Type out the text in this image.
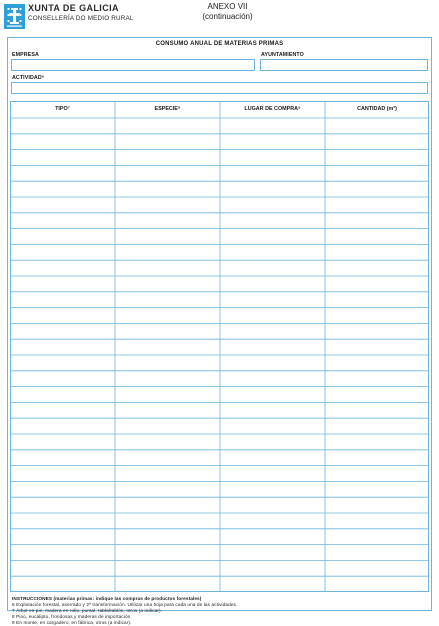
XUNTA DE GALICIA
CONSELLERÍA DO MEDIO RURAL
ANEXO VII
(continuación)
CONSUMO ANUAL DE MATERIAS PRIMAS
EMPRESA	AYUNTAMIENTO
ACTIVIDAD⁶
TIPO⁷	ESPECIE⁸	LUGAR DE COMPRA⁹	CANTIDAD (m³)
INSTRUCCIONES (materias primas: indique las compras de productos forestales)
6 Explotación forestal, aserrado y 2ª transformación. Utilizar una hoja para cada una de las actividades.
7 Árbol en pie, madera en rollo, puntal, tabla/tablón, otros (a indicar).
8 Pino, eucalipto, frondosas y maderas de importación.
9 En monte, en cargadero, en fábrica, otros (a indicar).
